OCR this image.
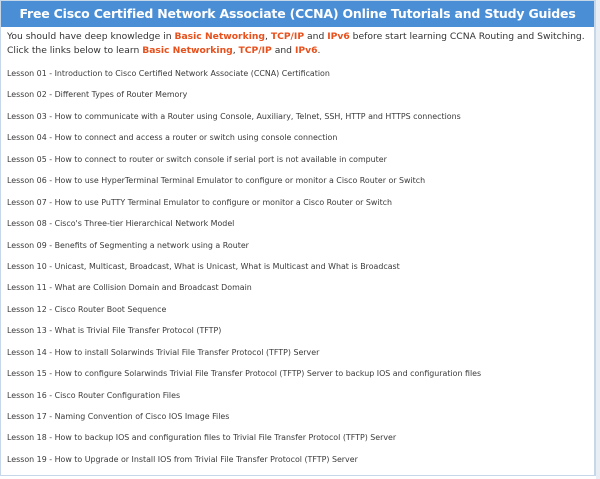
Free Cisco Certified Network Associate (CCNA) Online Tutorials and Study Guides
You should have deep knowledge in Basic Networking, TCP/IP and IPv6 before start learning CCNA Routing and Switching. Click the links below to learn Basic Networking, TCP/IP and IPv6.
Lesson 01 - Introduction to Cisco Certified Network Associate (CCNA) Certification
Lesson 02 - Different Types of Router Memory
Lesson 03 - How to communicate with a Router using Console, Auxiliary, Telnet, SSH, HTTP and HTTPS connections
Lesson 04 - How to connect and access a router or switch using console connection
Lesson 05 - How to connect to router or switch console if serial port is not available in computer
Lesson 06 - How to use HyperTerminal Terminal Emulator to configure or monitor a Cisco Router or Switch
Lesson 07 - How to use PuTTY Terminal Emulator to configure or monitor a Cisco Router or Switch
Lesson 08 - Cisco's Three-tier Hierarchical Network Model
Lesson 09 - Benefits of Segmenting a network using a Router
Lesson 10 - Unicast, Multicast, Broadcast, What is Unicast, What is Multicast and What is Broadcast
Lesson 11 - What are Collision Domain and Broadcast Domain
Lesson 12 - Cisco Router Boot Sequence
Lesson 13 - What is Trivial File Transfer Protocol (TFTP)
Lesson 14 - How to install Solarwinds Trivial File Transfer Protocol (TFTP) Server
Lesson 15 - How to configure Solarwinds Trivial File Transfer Protocol (TFTP) Server to backup IOS and configuration files
Lesson 16 - Cisco Router Configuration Files
Lesson 17 - Naming Convention of Cisco IOS Image Files
Lesson 18 - How to backup IOS and configuration files to Trivial File Transfer Protocol (TFTP) Server
Lesson 19 - How to Upgrade or Install IOS from Trivial File Transfer Protocol (TFTP) Server
